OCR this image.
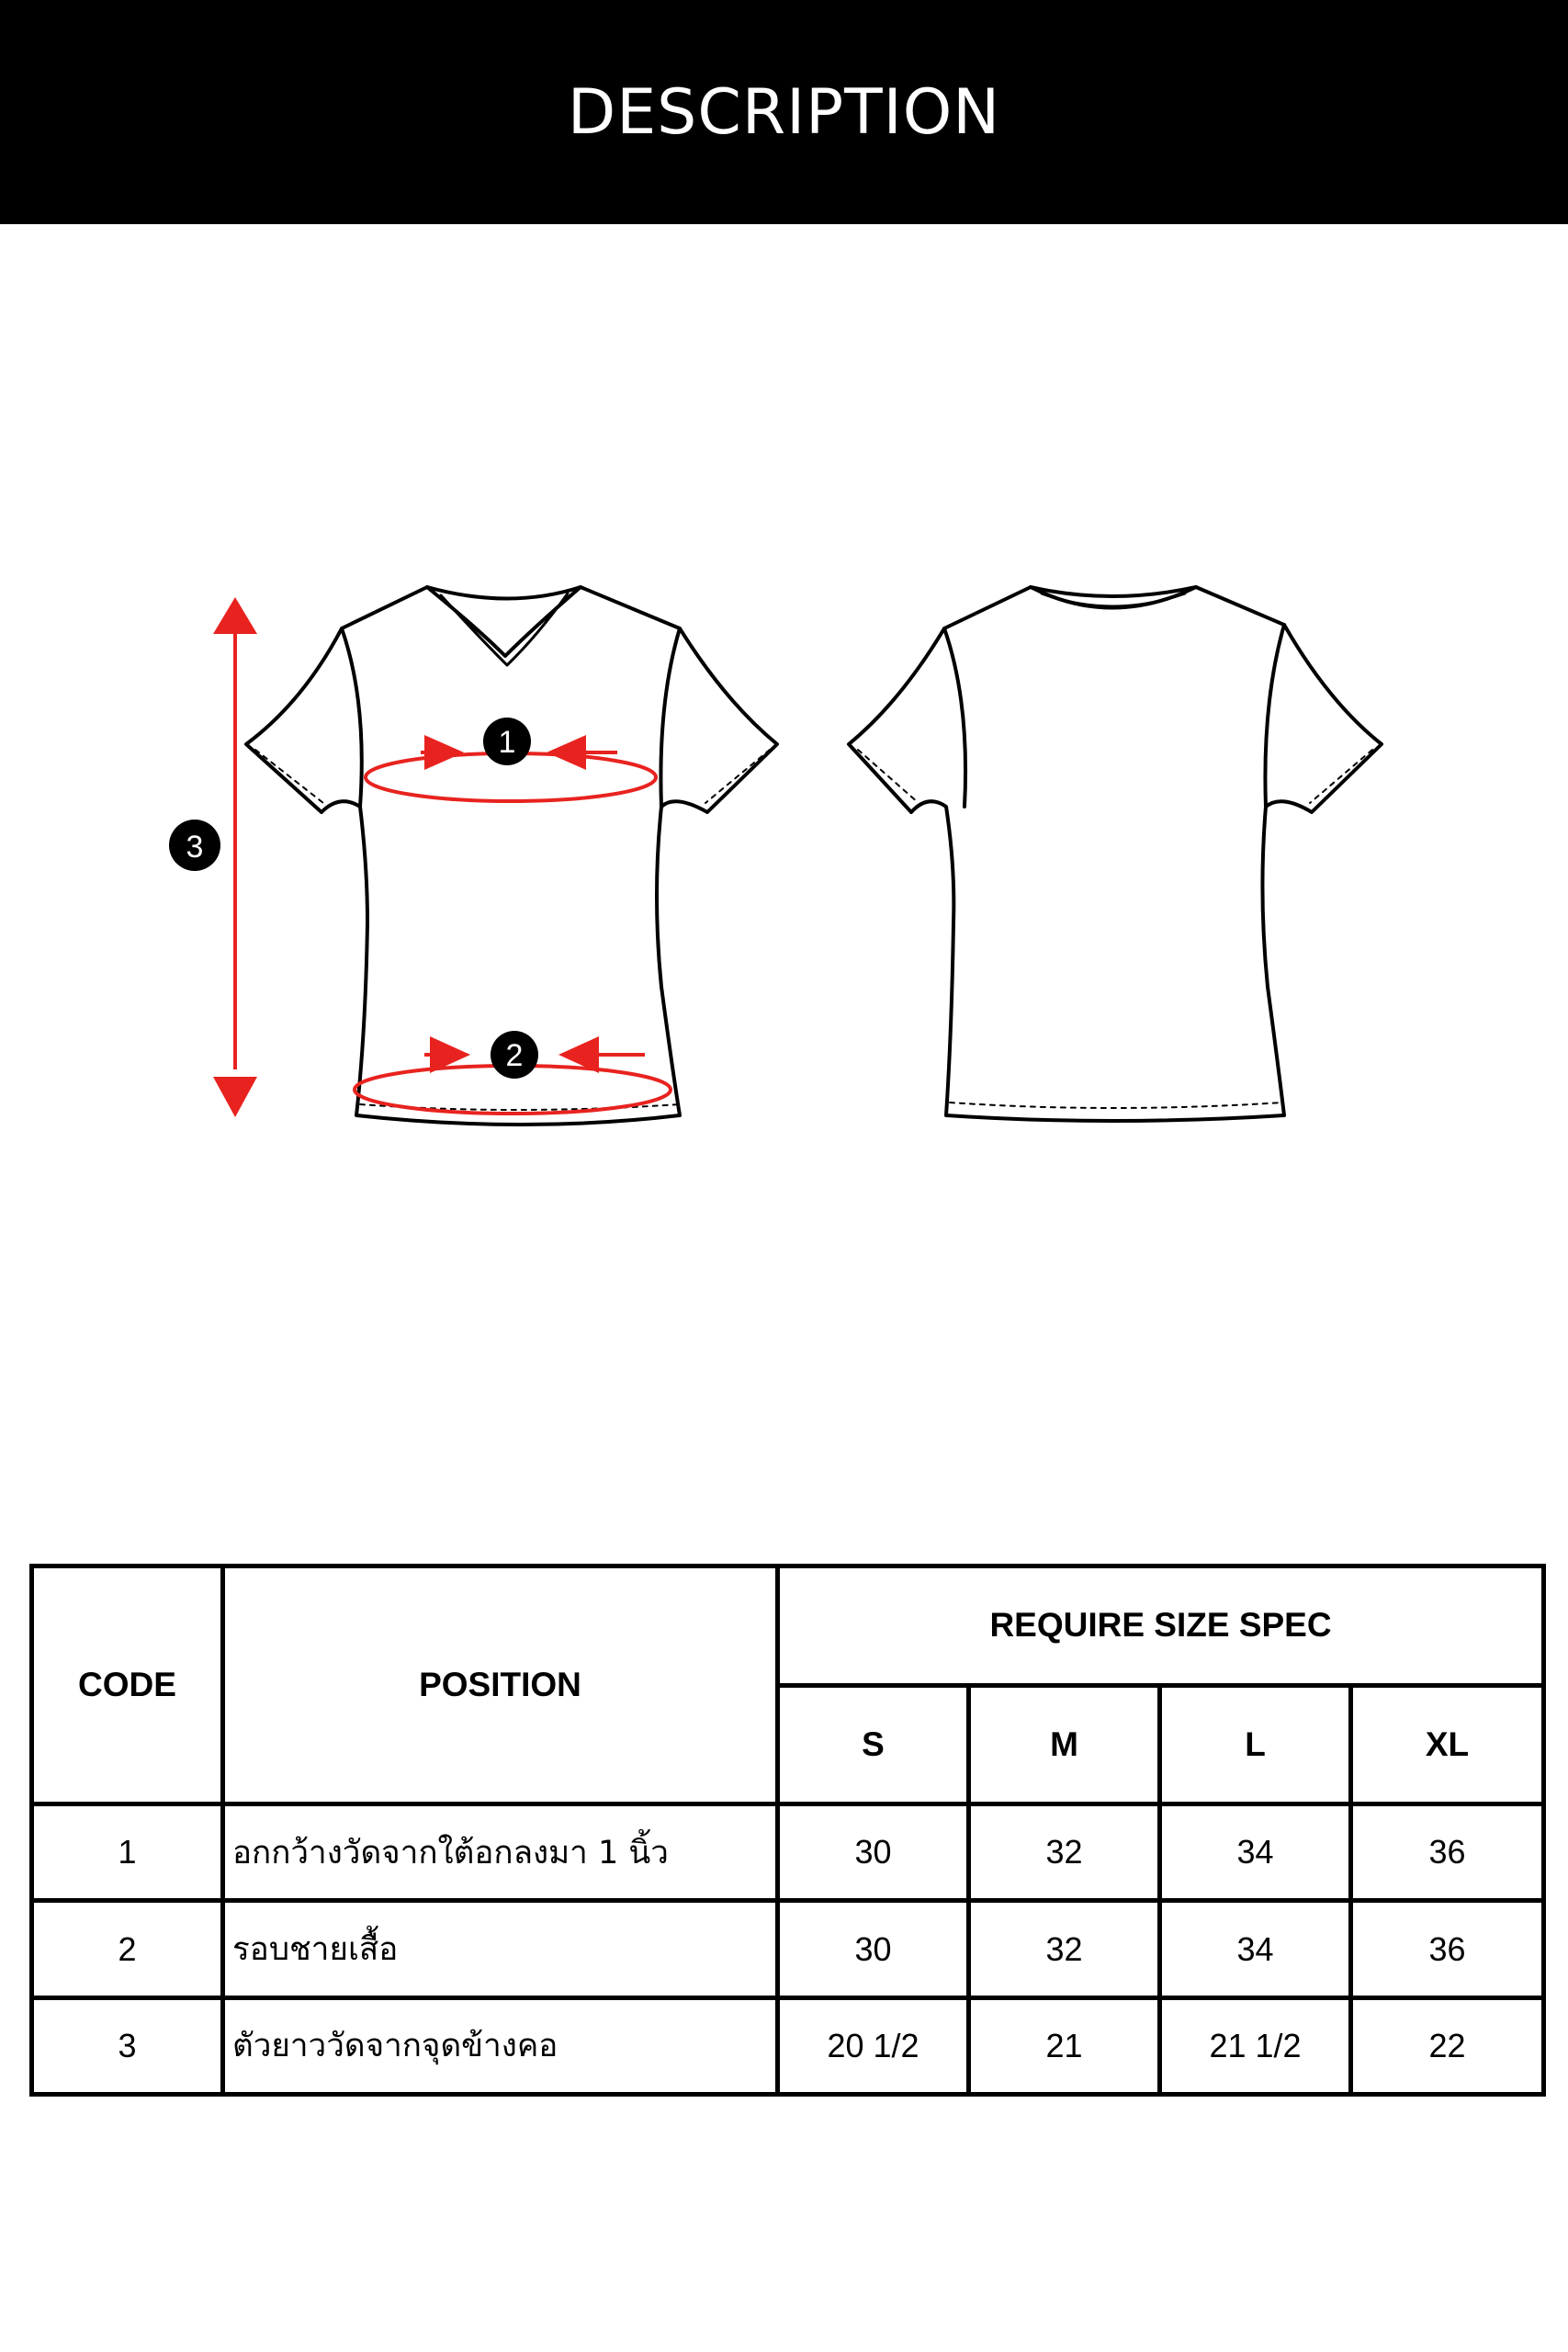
DESCRIPTION
1
2
3
CODE	POSITION	REQUIRE SIZE SPEC			
		S	M	L	XL
1	อกกว้างวัดจากใต้อกลงมา 1 นิ้ว	30	32	34	36
2	รอบชายเสื้อ	30	32	34	36
3	ตัวยาววัดจากจุดข้างคอ	20 1/2	21	21 1/2	22
